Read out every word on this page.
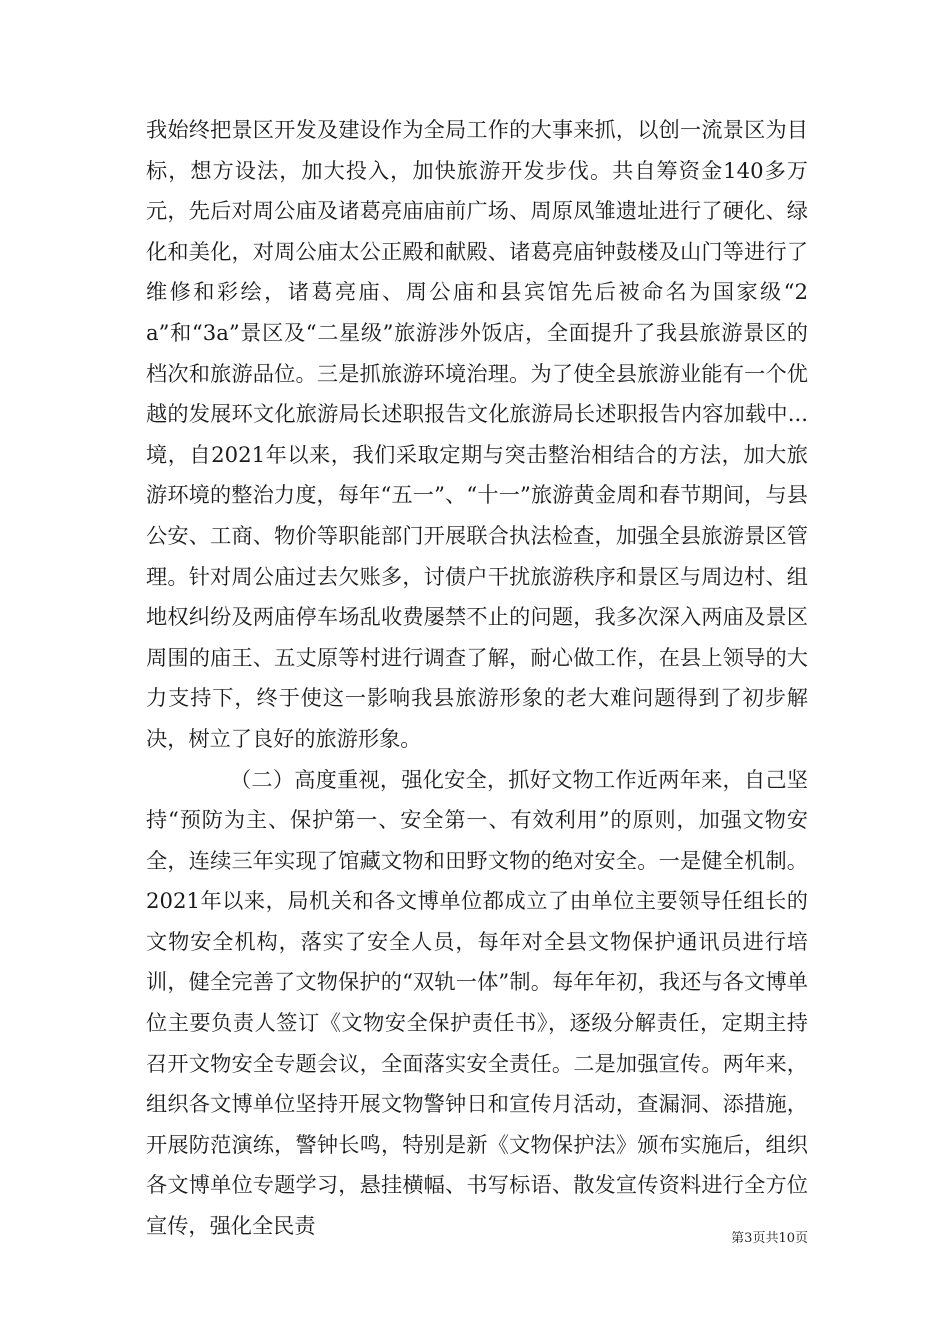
我始终把景区开发及建设作为全局工作的大事来抓，以创一流景区为目标，想方设法，加大投入，加快旅游开发步伐。共自筹资金140多万元，先后对周公庙及诸葛亮庙庙前广场、周原凤雏遗址进行了硬化、绿化和美化，对周公庙太公正殿和献殿、诸葛亮庙钟鼓楼及山门等进行了维修和彩绘，诸葛亮庙、周公庙和县宾馆先后被命名为国家级“2a”和“3a”景区及“二星级”旅游涉外饭店，全面提升了我县旅游景区的档次和旅游品位。三是抓旅游环境治理。为了使全县旅游业能有一个优越的发展环文化旅游局长述职报告文化旅游局长述职报告内容加载中...境，自2021年以来，我们采取定期与突击整治相结合的方法，加大旅游环境的整治力度，每年“五一”、“十一”旅游黄金周和春节期间，与县公安、工商、物价等职能部门开展联合执法检查，加强全县旅游景区管理。针对周公庙过去欠账多，讨债户干扰旅游秩序和景区与周边村、组地权纠纷及两庙停车场乱收费屡禁不止的问题，我多次深入两庙及景区周围的庙王、五丈原等村进行调查了解，耐心做工作，在县上领导的大力支持下，终于使这一影响我县旅游形象的老大难问题得到了初步解决，树立了良好的旅游形象。

（二）高度重视，强化安全，抓好文物工作近两年来，自己坚持“预防为主、保护第一、安全第一、有效利用”的原则，加强文物安全，连续三年实现了馆藏文物和田野文物的绝对安全。一是健全机制。2021年以来，局机关和各文博单位都成立了由单位主要领导任组长的文物安全机构，落实了安全人员，每年对全县文物保护通讯员进行培训，健全完善了文物保护的“双轨一体”制。每年年初，我还与各文博单位主要负责人签订《文物安全保护责任书》，逐级分解责任，定期主持召开文物安全专题会议，全面落实安全责任。二是加强宣传。两年来，组织各文博单位坚持开展文物警钟日和宣传月活动，查漏洞、添措施，开展防范演练，警钟长鸣，特别是新《文物保护法》颁布实施后，组织各文博单位专题学习，悬挂横幅、书写标语、散发宣传资料进行全方位宣传，强化全民责

第3页共10页
